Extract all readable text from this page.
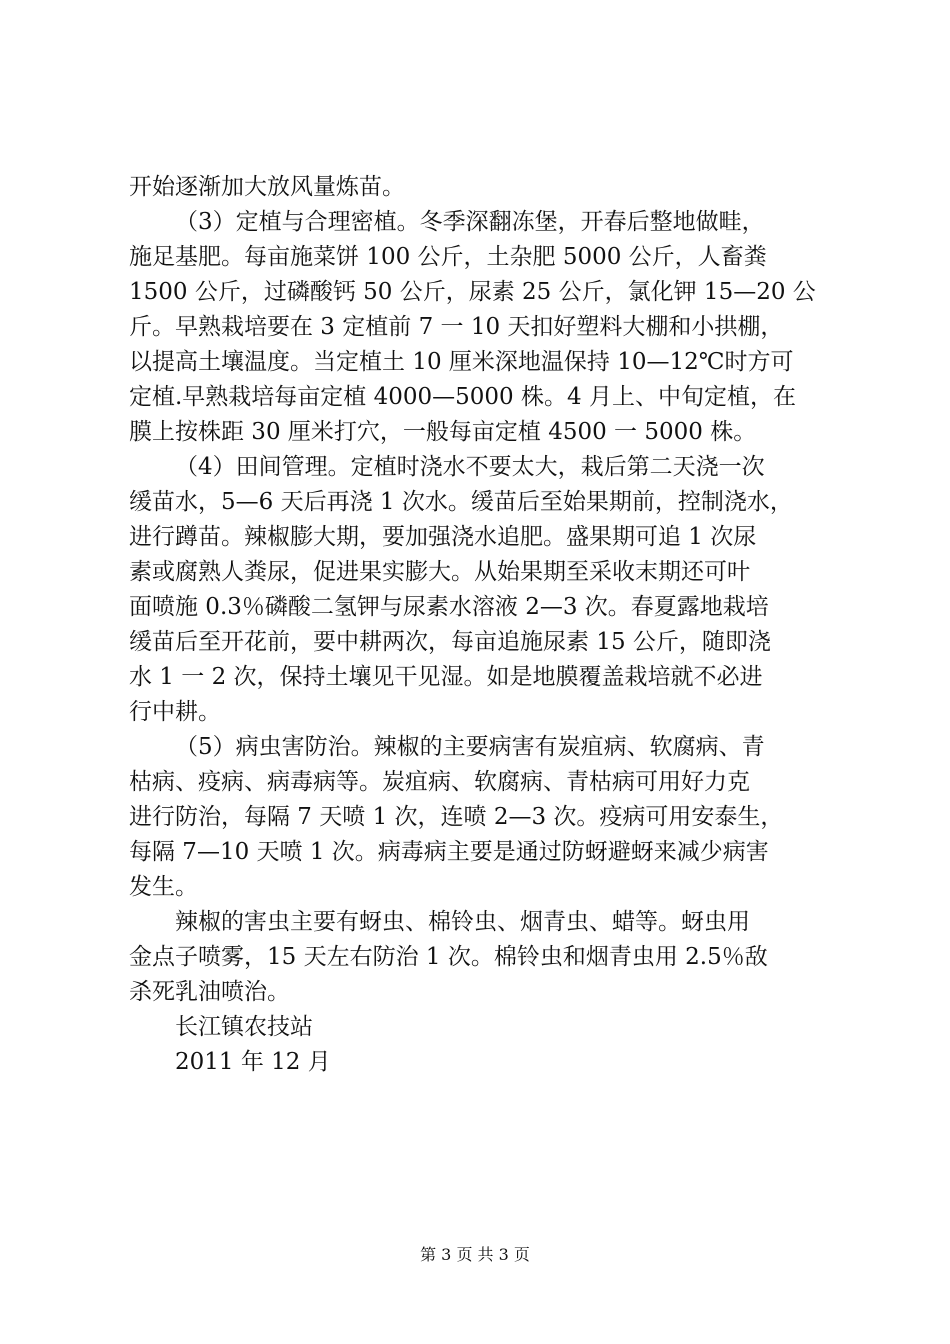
开始逐渐加大放风量炼苗。
（3）定植与合理密植。冬季深翻冻堡，开春后整地做畦，
施足基肥。每亩施菜饼 100 公斤，土杂肥 5000 公斤，人畜粪
1500 公斤，过磷酸钙 50 公斤，尿素 25 公斤，氯化钾 15—20 公
斤。早熟栽培要在 3 定植前 7 一 10 天扣好塑料大棚和小拱棚，
以提高土壤温度。当定植土 10 厘米深地温保持 10—12℃时方可
定植.早熟栽培每亩定植 4000—5000 株。4 月上、中旬定植，在
膜上按株距 30 厘米打穴，一般每亩定植 4500 一 5000 株。
（4）田间管理。定植时浇水不要太大，栽后第二天浇一次
缓苗水，5—6 天后再浇 1 次水。缓苗后至始果期前，控制浇水，
进行蹲苗。辣椒膨大期，要加强浇水追肥。盛果期可追 1 次尿
素或腐熟人粪尿，促进果实膨大。从始果期至采收末期还可叶
面喷施 0.3％磷酸二氢钾与尿素水溶液 2—3 次。春夏露地栽培
缓苗后至开花前，要中耕两次，每亩追施尿素 15 公斤，随即浇
水 1 一 2 次，保持土壤见干见湿。如是地膜覆盖栽培就不必进
行中耕。
（5）病虫害防治。辣椒的主要病害有炭疽病、软腐病、青
枯病、疫病、病毒病等。炭疽病、软腐病、青枯病可用好力克
进行防治，每隔 7 天喷 1 次，连喷 2—3 次。疫病可用安泰生，
每隔 7—10 天喷 1 次。病毒病主要是通过防蚜避蚜来减少病害
发生。
辣椒的害虫主要有蚜虫、棉铃虫、烟青虫、蜡等。蚜虫用
金点子喷雾，15 天左右防治 1 次。棉铃虫和烟青虫用 2.5％敌
杀死乳油喷治。
长江镇农技站
2011 年 12 月
第 3 页 共 3 页
